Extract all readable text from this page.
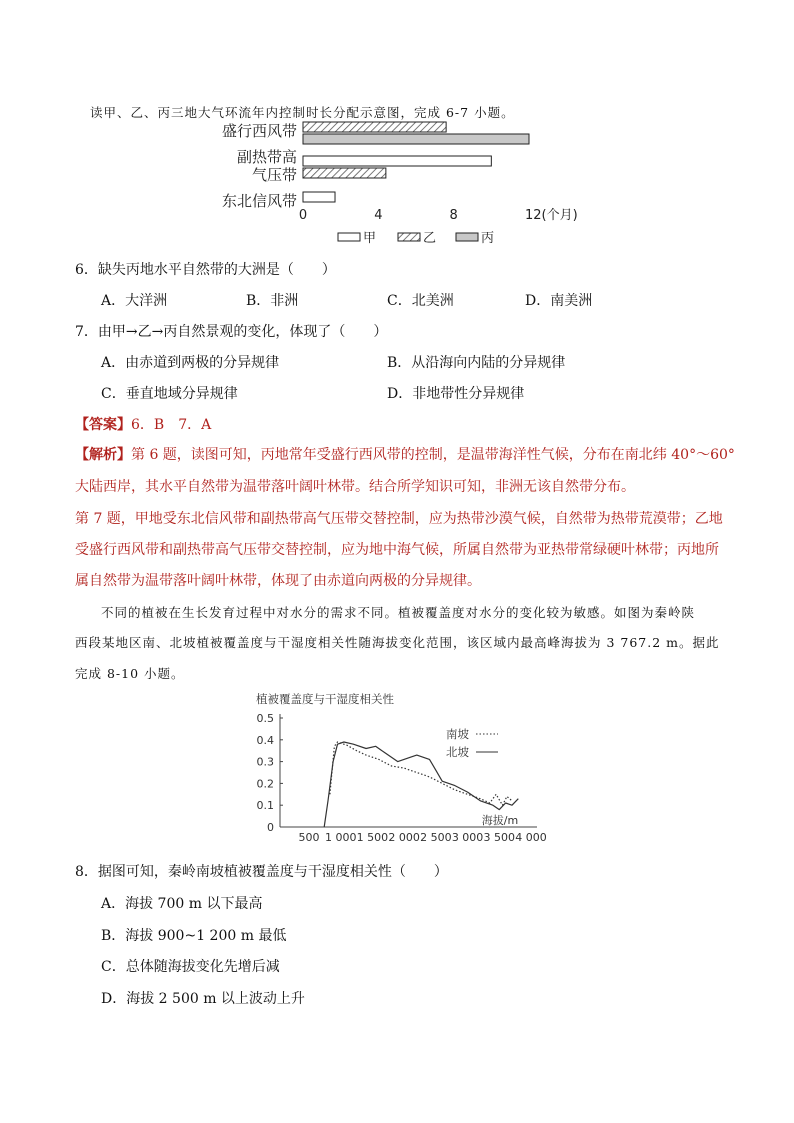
读甲、乙、丙三地大气环流年内控制时长分配示意图，完成 6-7 小题。
盛行西风带
副热带高
气压带
东北信风带
0	4	8	12(个月)
甲	乙	丙
6．缺失丙地水平自然带的大洲是（　　）
A．大洋洲	B．非洲	C．北美洲	D．南美洲
7．由甲→乙→丙自然景观的变化，体现了（　　）
A．由赤道到两极的分异规律	B．从沿海向内陆的分异规律
C．垂直地域分异规律	D．非地带性分异规律
【答案】6．B　7．A
【解析】第 6 题，读图可知，丙地常年受盛行西风带的控制，是温带海洋性气候，分布在南北纬 40°～60°
大陆西岸，其水平自然带为温带落叶阔叶林带。结合所学知识可知，非洲无该自然带分布。
第 7 题，甲地受东北信风带和副热带高气压带交替控制，应为热带沙漠气候，自然带为热带荒漠带；乙地
受盛行西风带和副热带高气压带交替控制，应为地中海气候，所属自然带为亚热带常绿硬叶林带；丙地所
属自然带为温带落叶阔叶林带，体现了由赤道向两极的分异规律。
不同的植被在生长发育过程中对水分的需求不同。植被覆盖度对水分的变化较为敏感。如图为秦岭陕
西段某地区南、北坡植被覆盖度与干湿度相关性随海拔变化范围，该区域内最高峰海拔为 3 767.2 m。据此
完成 8-10 小题。
植被覆盖度与干湿度相关性
0
0.1
0.2
0.3
0.4
0.5
500 1 000 1 500 2 000 2 500 3 000 3 500 4 000
海拔/m
南坡
北坡
8．据图可知，秦岭南坡植被覆盖度与干湿度相关性（　　）
A．海拔 700 m 以下最高
B．海拔 900~1 200 m 最低
C．总体随海拔变化先增后减
D．海拔 2 500 m 以上波动上升
